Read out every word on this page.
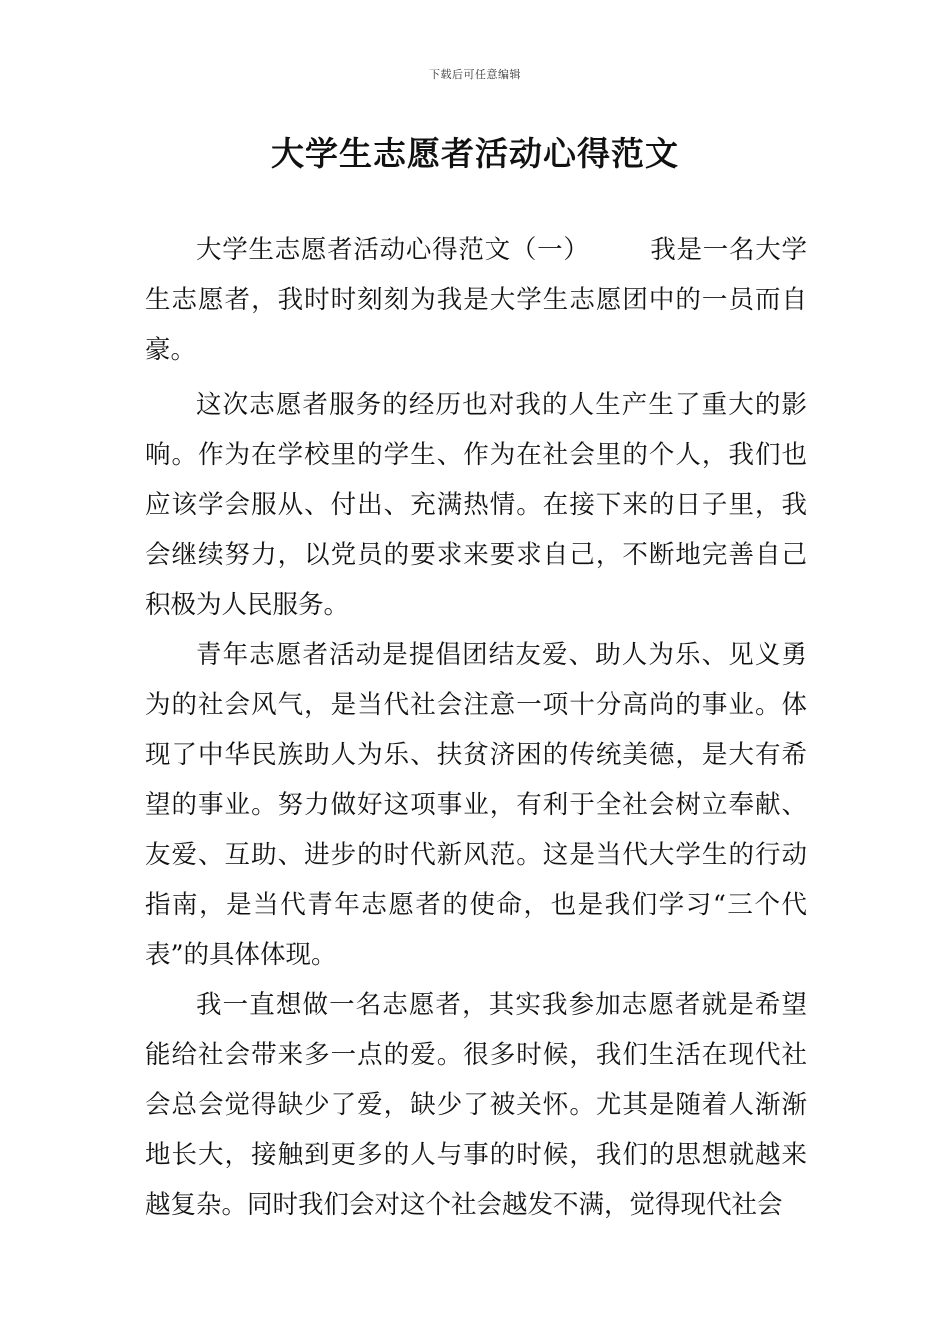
下载后可任意编辑
大学生志愿者活动心得范文

大学生志愿者活动心得范文（一） 我是一名大学生志愿者，我时时刻刻为我是大学生志愿团中的一员而自豪。

这次志愿者服务的经历也对我的人生产生了重大的影响。作为在学校里的学生、作为在社会里的个人，我们也应该学会服从、付出、充满热情。在接下来的日子里，我会继续努力，以党员的要求来要求自己，不断地完善自己积极为人民服务。

青年志愿者活动是提倡团结友爱、助人为乐、见义勇为的社会风气，是当代社会注意一项十分高尚的事业。体现了中华民族助人为乐、扶贫济困的传统美德，是大有希望的事业。努力做好这项事业，有利于全社会树立奉献、友爱、互助、进步的时代新风范。这是当代大学生的行动指南，是当代青年志愿者的使命，也是我们学习“三个代表”的具体体现。

我一直想做一名志愿者，其实我参加志愿者就是希望能给社会带来多一点的爱。很多时候，我们生活在现代社会总会觉得缺少了爱，缺少了被关怀。尤其是随着人渐渐地长大，接触到更多的人与事的时候，我们的思想就越来越复杂。同时我们会对这个社会越发不满，觉得现代社会
